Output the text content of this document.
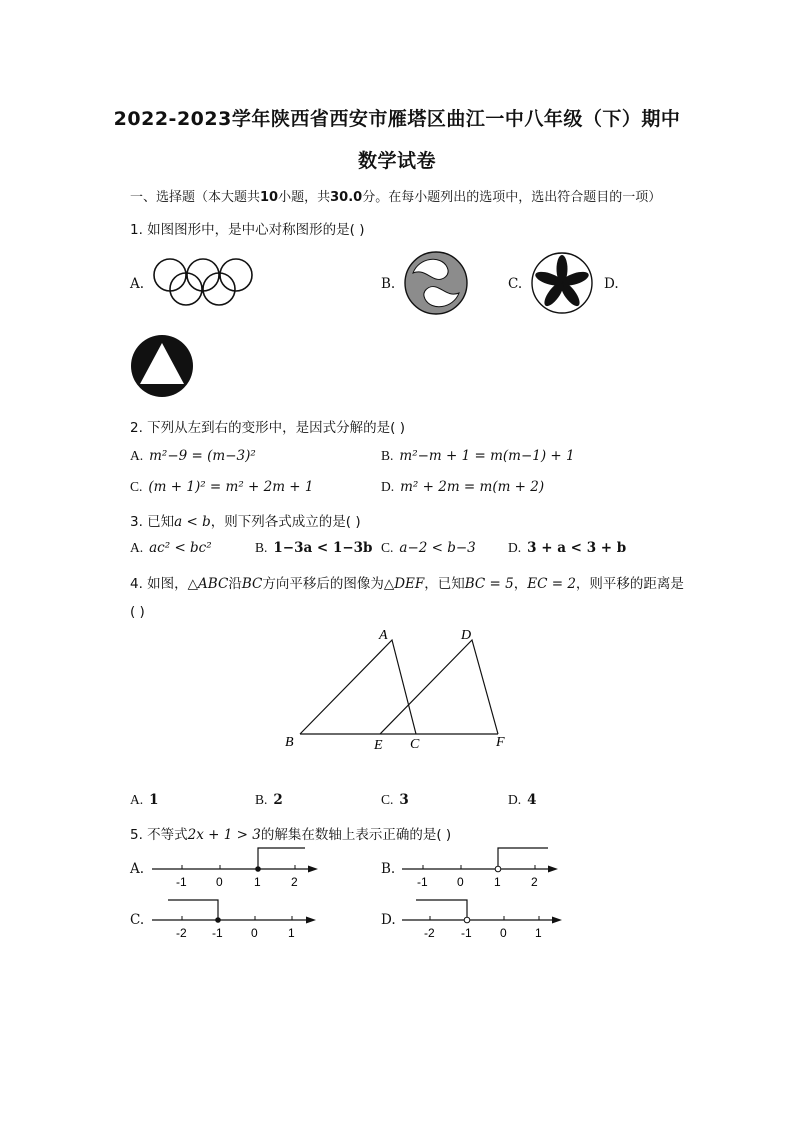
2022-2023学年陕西省西安市雁塔区曲江一中八年级（下）期中
数学试卷
一、选择题（本大题共10小题，共30.0分。在每小题列出的选项中，选出符合题目的一项）
1. 如图图形中，是中心对称图形的是( )
A.	B.	C.	D.
2. 下列从左到右的变形中，是因式分解的是( )
A. m²−9 = (m−3)²	B. m²−m + 1 = m(m−1) + 1
C. (m + 1)² = m² + 2m + 1	D. m² + 2m = m(m + 2)
3. 已知a < b，则下列各式成立的是( )
A. ac² < bc²	B. 1−3a < 1−3b C. a−2 < b−3 D. 3 + a < 3 + b
4. 如图，△ABC沿BC方向平移后的图像为△DEF，已知BC = 5，EC = 2，则平移的距离是
( )
A
B	C
D
E	F
A. 1	B. 2	C. 3	D. 4
5. 不等式2x + 1 > 3的解集在数轴上表示正确的是( )
A.
-1 0	1	2
B.
-1 0	1	2
C.
-2 -1 0	1
D.
-2 -1 0 1
